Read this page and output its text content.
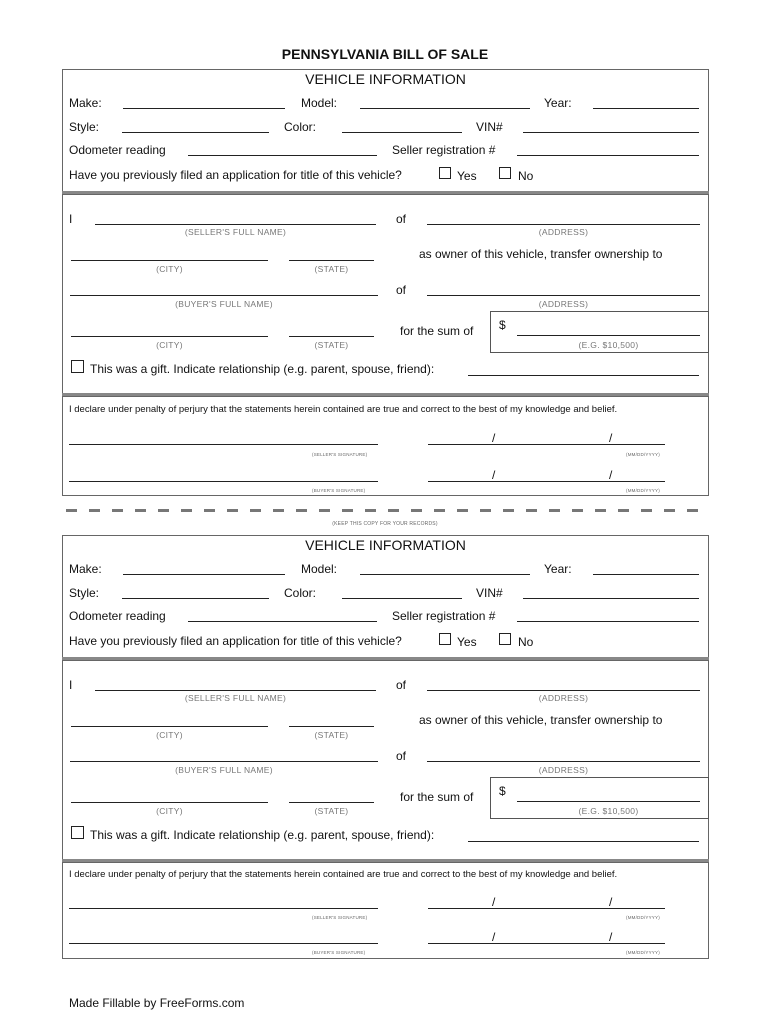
PENNSYLVANIA BILL OF SALE
VEHICLE INFORMATION
Make:	Model:	Year:
Style:	Color:	VIN#
Odometer reading	Seller registration #
Have you previously filed an application for title of this vehicle?	Yes	No
I
(SELLER'S FULL NAME)
of
(ADDRESS)
(CITY)	(STATE)
as owner of this vehicle, transfer ownership to
(BUYER'S FULL NAME)
of
(ADDRESS)
(CITY)	(STATE)
for the sum of $
(E.G. $10,500)
This was a gift. Indicate relationship (e.g. parent, spouse, friend):
I declare under penalty of perjury that the statements herein contained are true and correct to the best of my knowledge and belief.
(SELLER'S SIGNATURE)
/	/
(MM/DD/YYYY)
(BUYER'S SIGNATURE)
/	/
(MM/DD/YYYY)
(KEEP THIS COPY FOR YOUR RECORDS)
VEHICLE INFORMATION
Make:	Model:	Year:
Style:	Color:	VIN#
Odometer reading	Seller registration #
Have you previously filed an application for title of this vehicle?	Yes	No
I
(SELLER'S FULL NAME)
of
(ADDRESS)
(CITY)	(STATE)
as owner of this vehicle, transfer ownership to
(BUYER'S FULL NAME)
of
(ADDRESS)
(CITY)	(STATE)
for the sum of $
(E.G. $10,500)
This was a gift. Indicate relationship (e.g. parent, spouse, friend):
I declare under penalty of perjury that the statements herein contained are true and correct to the best of my knowledge and belief.
(SELLER'S SIGNATURE)
/	/
(MM/DD/YYYY)
(BUYER'S SIGNATURE)
/	/
(MM/DD/YYYY)
Made Fillable by FreeForms.com
